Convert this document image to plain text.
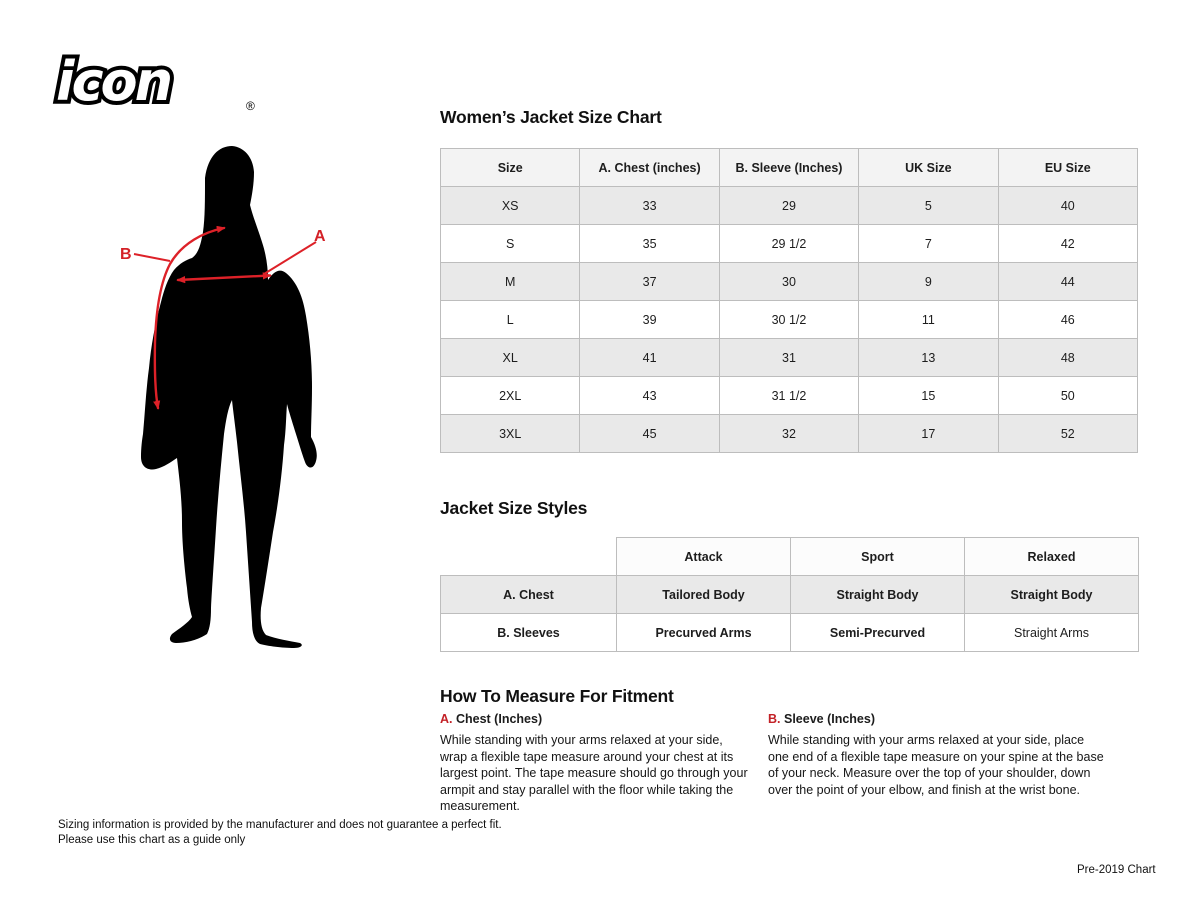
icon	®
B
A
Women’s Jacket Size Chart
Size	A. Chest (inches)	B. Sleeve (Inches)	UK Size	EU Size
XS	33	29	5	40
S	35	29 1/2	7	42
M	37	30	9	44
L	39	30 1/2	11	46
XL	41	31	13	48
2XL	43	31 1/2	15	50
3XL	45	32	17	52
Jacket Size Styles
	Attack	Sport	Relaxed
A. Chest	Tailored Body	Straight Body	Straight Body
B. Sleeves	Precurved Arms	Semi-Precurved	Straight Arms
How To Measure For Fitment
A. Chest (Inches)
While standing with your arms relaxed at your side, wrap a flexible tape measure around your chest at its largest point. The tape measure should go through your armpit and stay parallel with the floor while taking the measurement.
B. Sleeve (Inches)
While standing with your arms relaxed at your side, place one end of a flexible tape measure on your spine at the base of your neck. Measure over the top of your shoulder, down over the point of your elbow, and finish at the wrist bone.
Sizing information is provided by the manufacturer and does not guarantee a perfect fit.
Please use this chart as a guide only
Pre-2019 Chart
